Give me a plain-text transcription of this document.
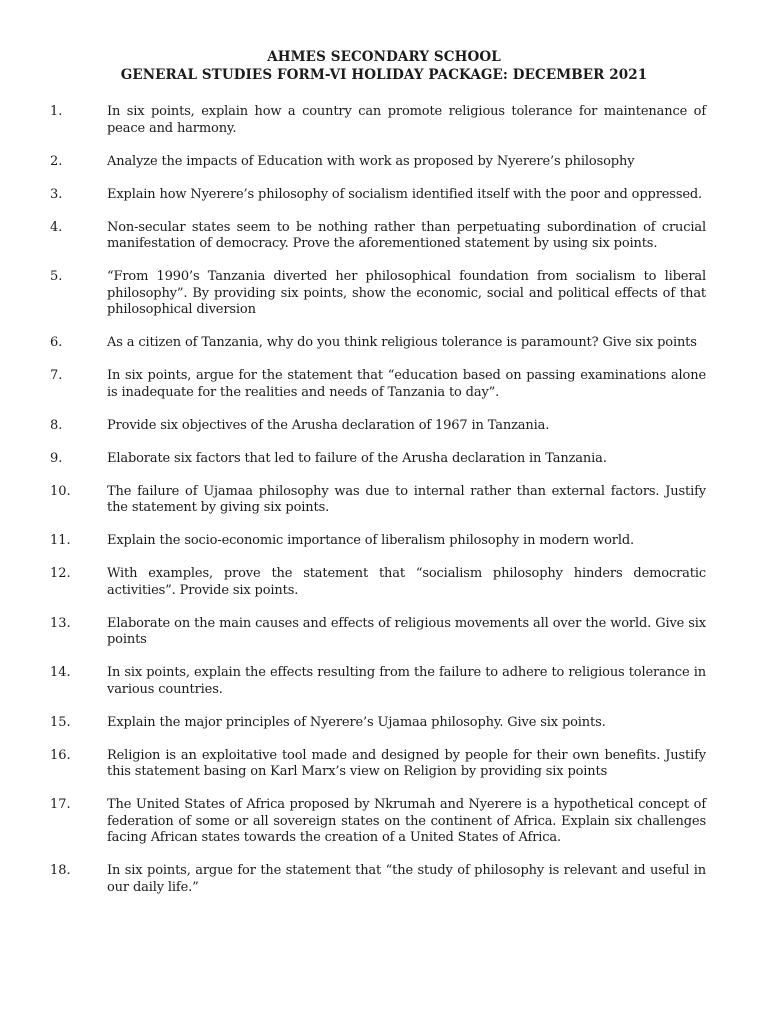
AHMES SECONDARY SCHOOL
GENERAL STUDIES FORM-VI HOLIDAY PACKAGE: DECEMBER 2021
1.	In six points, explain how a country can promote religious tolerance for maintenance of peace and harmony.
2.	Analyze the impacts of Education with work as proposed by Nyerere’s philosophy
3.	Explain how Nyerere’s philosophy of socialism identified itself with the poor and oppressed.
4.	Non-secular states seem to be nothing rather than perpetuating subordination of crucial manifestation of democracy. Prove the aforementioned statement by using six points.
5.	“From 1990’s Tanzania diverted her philosophical foundation from socialism to liberal philosophy”. By providing six points, show the economic, social and political effects of that philosophical diversion
6.	As a citizen of Tanzania, why do you think religious tolerance is paramount? Give six points
7.	In six points, argue for the statement that “education based on passing examinations alone is inadequate for the realities and needs of Tanzania to day”.
8.	Provide six objectives of the Arusha declaration of 1967 in Tanzania.
9.	Elaborate six factors that led to failure of the Arusha declaration in Tanzania.
10.	The failure of Ujamaa philosophy was due to internal rather than external factors. Justify the statement by giving six points.
11.	Explain the socio-economic importance of liberalism philosophy in modern world.
12.	With examples, prove the statement that “socialism philosophy hinders democratic activities”. Provide six points.
13.	Elaborate on the main causes and effects of religious movements all over the world. Give six points
14.	In six points, explain the effects resulting from the failure to adhere to religious tolerance in various countries.
15.	Explain the major principles of Nyerere’s Ujamaa philosophy. Give six points.
16.	Religion is an exploitative tool made and designed by people for their own benefits. Justify this statement basing on Karl Marx’s view on Religion by providing six points
17.	The United States of Africa proposed by Nkrumah and Nyerere is a hypothetical concept of federation of some or all sovereign states on the continent of Africa. Explain six challenges facing African states towards the creation of a United States of Africa.
18.	In six points, argue for the statement that “the study of philosophy is relevant and useful in our daily life.”
